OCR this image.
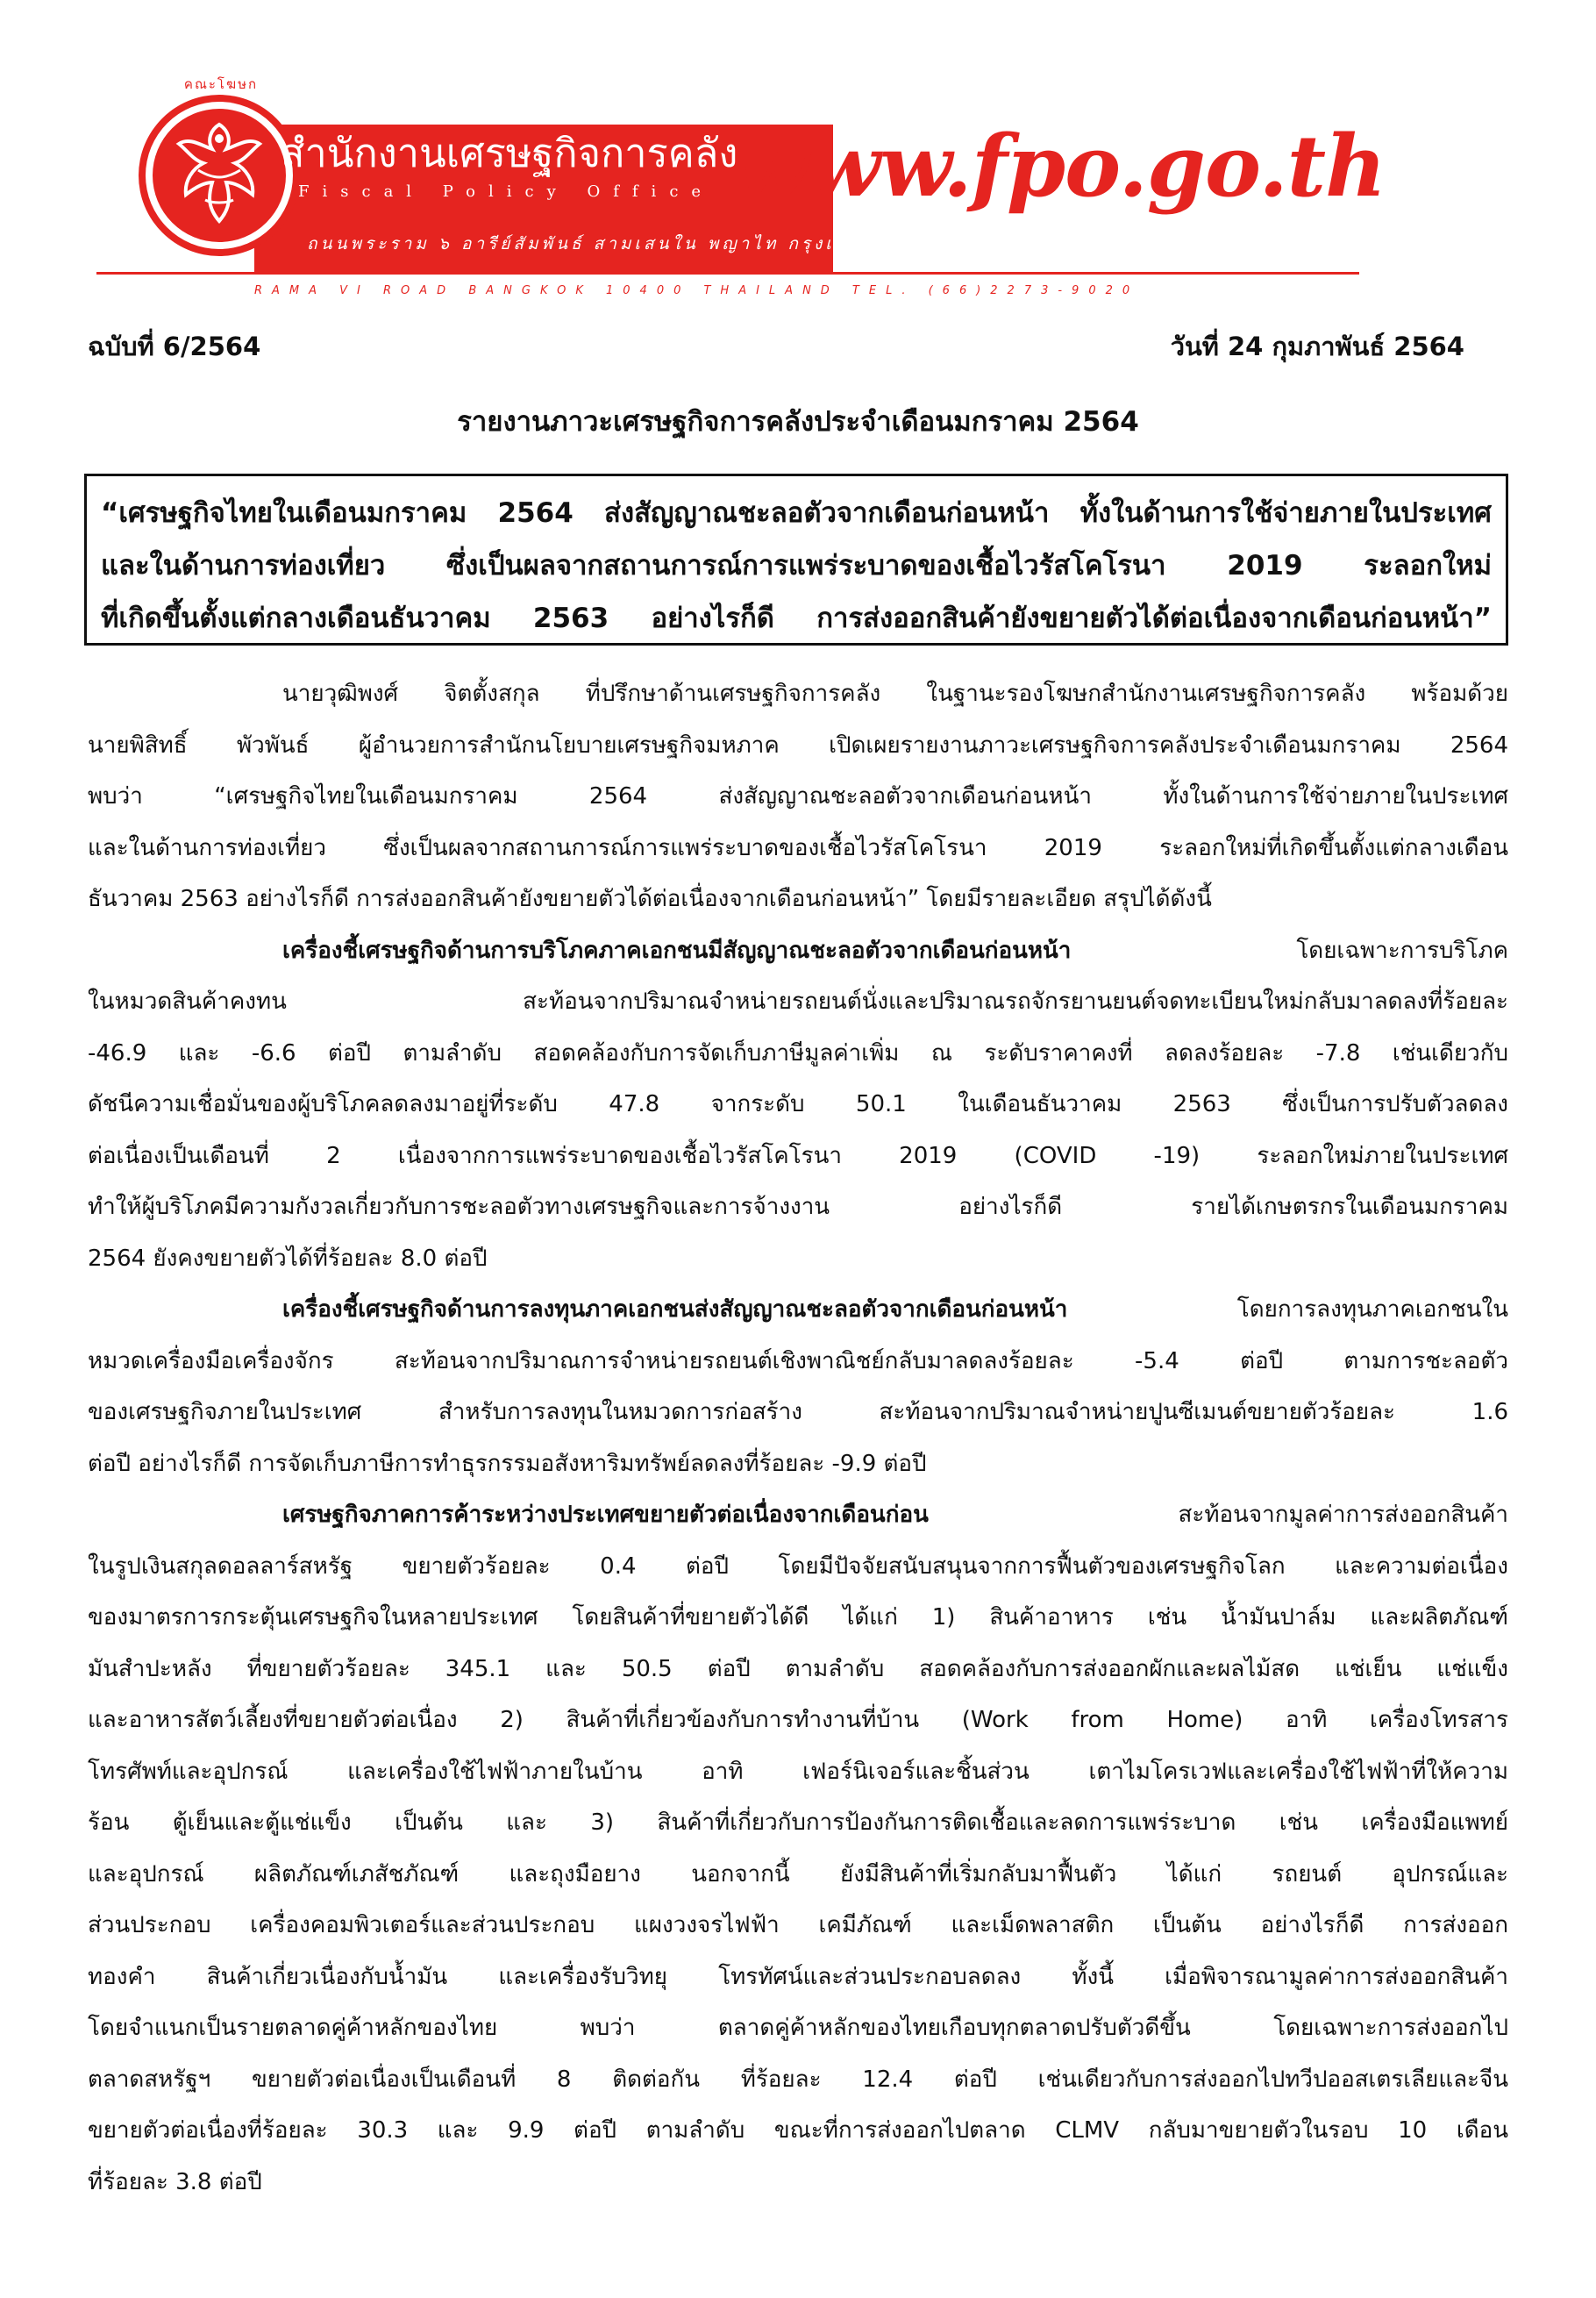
คณะโฆษก
สำนักงานเศรษฐกิจการคลัง
Fiscal Policy Office www.fpo.go.th
ถนนพระราม ๖ อารีย์สัมพันธ์ สามเสนใน พญาไท กรุงเทพฯ 10400 โทร 0-2273-9020
RAMA VI ROAD BANGKOK 10400 THAILAND TEL. (66)2273-9020
ฉบับที่ 6/2564	วันที่ 24 กุมภาพันธ์ 2564
รายงานภาวะเศรษฐกิจการคลังประจำเดือนมกราคม 2564
“เศรษฐกิจไทยในเดือนมกราคม 2564 ส่งสัญญาณชะลอตัวจากเดือนก่อนหน้า ทั้งในด้านการใช้จ่ายภายในประเทศ
และในด้านการท่องเที่ยว ซึ่งเป็นผลจากสถานการณ์การแพร่ระบาดของเชื้อไวรัสโคโรนา 2019 ระลอกใหม่
ที่เกิดขึ้นตั้งแต่กลางเดือนธันวาคม 2563 อย่างไรก็ดี การส่งออกสินค้ายังขยายตัวได้ต่อเนื่องจากเดือนก่อนหน้า”
นายวุฒิพงศ์ จิตตั้งสกุล ที่ปรึกษาด้านเศรษฐกิจการคลัง ในฐานะรองโฆษกสำนักงานเศรษฐกิจการคลัง พร้อมด้วย
นายพิสิทธิ์ พัวพันธ์ ผู้อำนวยการสำนักนโยบายเศรษฐกิจมหภาค เปิดเผยรายงานภาวะเศรษฐกิจการคลังประจำเดือนมกราคม 2564
พบว่า “เศรษฐกิจไทยในเดือนมกราคม 2564 ส่งสัญญาณชะลอตัวจากเดือนก่อนหน้า ทั้งในด้านการใช้จ่ายภายในประเทศ
และในด้านการท่องเที่ยว ซึ่งเป็นผลจากสถานการณ์การแพร่ระบาดของเชื้อไวรัสโคโรนา 2019 ระลอกใหม่ที่เกิดขึ้นตั้งแต่กลางเดือน
ธันวาคม 2563 อย่างไรก็ดี การส่งออกสินค้ายังขยายตัวได้ต่อเนื่องจากเดือนก่อนหน้า” โดยมีรายละเอียด สรุปได้ดังนี้
เครื่องชี้เศรษฐกิจด้านการบริโภคภาคเอกชนมีสัญญาณชะลอตัวจากเดือนก่อนหน้า โดยเฉพาะการบริโภค
ในหมวดสินค้าคงทน สะท้อนจากปริมาณจำหน่ายรถยนต์นั่งและปริมาณรถจักรยานยนต์จดทะเบียนใหม่กลับมาลดลงที่ร้อยละ
-46.9 และ -6.6 ต่อปี ตามลำดับ สอดคล้องกับการจัดเก็บภาษีมูลค่าเพิ่ม ณ ระดับราคาคงที่ ลดลงร้อยละ -7.8 เช่นเดียวกับ
ดัชนีความเชื่อมั่นของผู้บริโภคลดลงมาอยู่ที่ระดับ 47.8 จากระดับ 50.1 ในเดือนธันวาคม 2563 ซึ่งเป็นการปรับตัวลดลง
ต่อเนื่องเป็นเดือนที่ 2 เนื่องจากการแพร่ระบาดของเชื้อไวรัสโคโรนา 2019 (COVID -19) ระลอกใหม่ภายในประเทศ
ทำให้ผู้บริโภคมีความกังวลเกี่ยวกับการชะลอตัวทางเศรษฐกิจและการจ้างงาน อย่างไรก็ดี รายได้เกษตรกรในเดือนมกราคม
2564 ยังคงขยายตัวได้ที่ร้อยละ 8.0 ต่อปี
เครื่องชี้เศรษฐกิจด้านการลงทุนภาคเอกชนส่งสัญญาณชะลอตัวจากเดือนก่อนหน้า โดยการลงทุนภาคเอกชนใน
หมวดเครื่องมือเครื่องจักร สะท้อนจากปริมาณการจำหน่ายรถยนต์เชิงพาณิชย์กลับมาลดลงร้อยละ -5.4 ต่อปี ตามการชะลอตัว
ของเศรษฐกิจภายในประเทศ สำหรับการลงทุนในหมวดการก่อสร้าง สะท้อนจากปริมาณจำหน่ายปูนซีเมนต์ขยายตัวร้อยละ 1.6
ต่อปี อย่างไรก็ดี การจัดเก็บภาษีการทำธุรกรรมอสังหาริมทรัพย์ลดลงที่ร้อยละ -9.9 ต่อปี
เศรษฐกิจภาคการค้าระหว่างประเทศขยายตัวต่อเนื่องจากเดือนก่อน สะท้อนจากมูลค่าการส่งออกสินค้า
ในรูปเงินสกุลดอลลาร์สหรัฐ ขยายตัวร้อยละ 0.4 ต่อปี โดยมีปัจจัยสนับสนุนจากการฟื้นตัวของเศรษฐกิจโลก และความต่อเนื่อง
ของมาตรการกระตุ้นเศรษฐกิจในหลายประเทศ โดยสินค้าที่ขยายตัวได้ดี ได้แก่ 1) สินค้าอาหาร เช่น น้ำมันปาล์ม และผลิตภัณฑ์
มันสำปะหลัง ที่ขยายตัวร้อยละ 345.1 และ 50.5 ต่อปี ตามลำดับ สอดคล้องกับการส่งออกผักและผลไม้สด แช่เย็น แช่แข็ง
และอาหารสัตว์เลี้ยงที่ขยายตัวต่อเนื่อง 2) สินค้าที่เกี่ยวข้องกับการทำงานที่บ้าน (Work from Home) อาทิ เครื่องโทรสาร
โทรศัพท์และอุปกรณ์ และเครื่องใช้ไฟฟ้าภายในบ้าน อาทิ เฟอร์นิเจอร์และชิ้นส่วน เตาไมโครเวฟและเครื่องใช้ไฟฟ้าที่ให้ความ
ร้อน ตู้เย็นและตู้แช่แข็ง เป็นต้น และ 3) สินค้าที่เกี่ยวกับการป้องกันการติดเชื้อและลดการแพร่ระบาด เช่น เครื่องมือแพทย์
และอุปกรณ์ ผลิตภัณฑ์เภสัชภัณฑ์ และถุงมือยาง นอกจากนี้ ยังมีสินค้าที่เริ่มกลับมาฟื้นตัว ได้แก่ รถยนต์ อุปกรณ์และ
ส่วนประกอบ เครื่องคอมพิวเตอร์และส่วนประกอบ แผงวงจรไฟฟ้า เคมีภัณฑ์ และเม็ดพลาสติก เป็นต้น อย่างไรก็ดี การส่งออก
ทองคำ สินค้าเกี่ยวเนื่องกับน้ำมัน และเครื่องรับวิทยุ โทรทัศน์และส่วนประกอบลดลง ทั้งนี้ เมื่อพิจารณามูลค่าการส่งออกสินค้า
โดยจำแนกเป็นรายตลาดคู่ค้าหลักของไทย พบว่า ตลาดคู่ค้าหลักของไทยเกือบทุกตลาดปรับตัวดีขึ้น โดยเฉพาะการส่งออกไป
ตลาดสหรัฐฯ ขยายตัวต่อเนื่องเป็นเดือนที่ 8 ติดต่อกัน ที่ร้อยละ 12.4 ต่อปี เช่นเดียวกับการส่งออกไปทวีปออสเตรเลียและจีน
ขยายตัวต่อเนื่องที่ร้อยละ 30.3 และ 9.9 ต่อปี ตามลำดับ ขณะที่การส่งออกไปตลาด CLMV กลับมาขยายตัวในรอบ 10 เดือน
ที่ร้อยละ 3.8 ต่อปี
